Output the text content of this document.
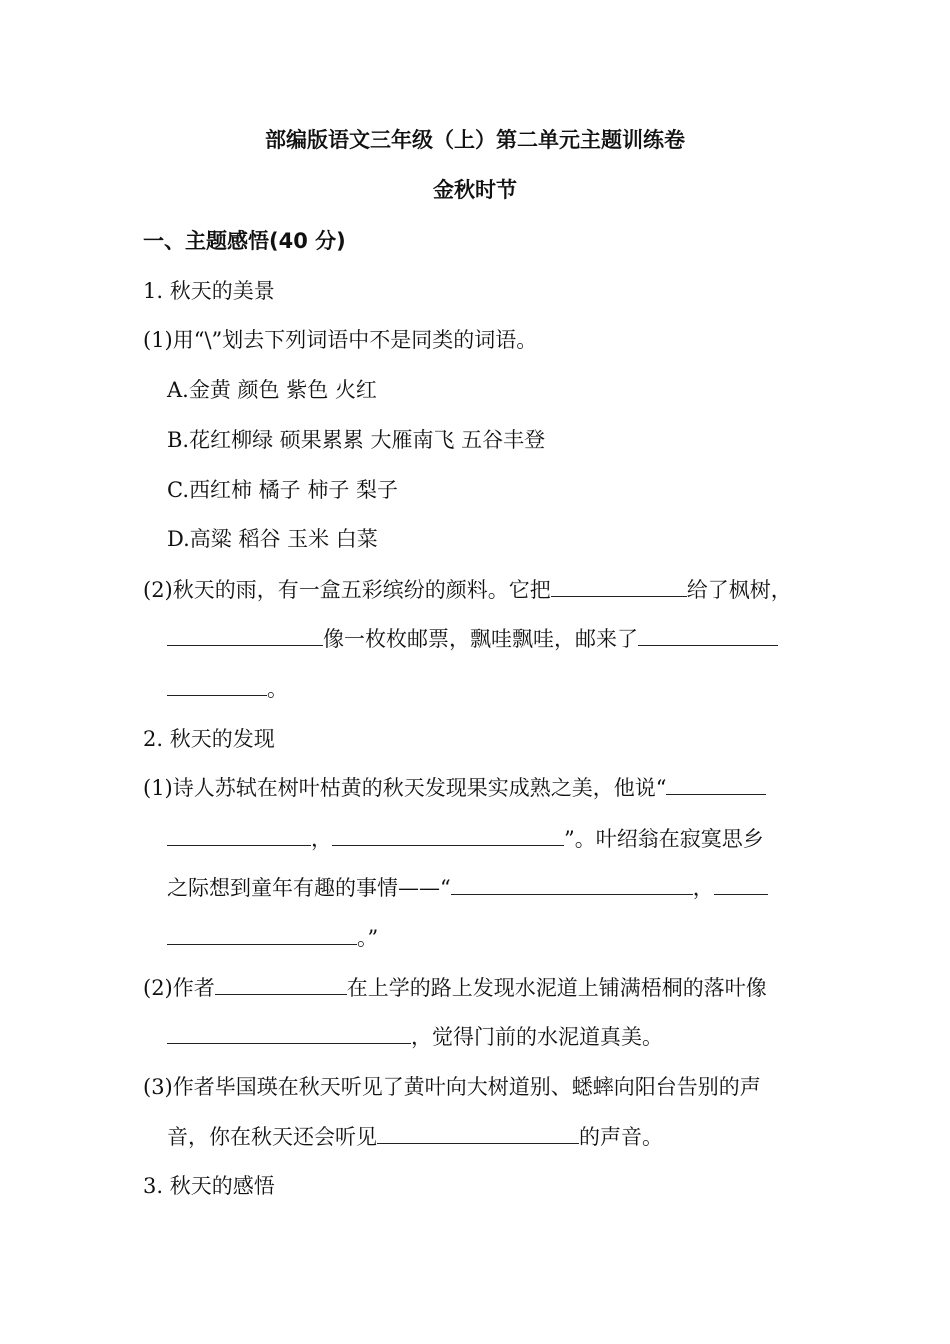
部编版语文三年级（上）第二单元主题训练卷
金秋时节
一、主题感悟(40 分)
1. 秋天的美景
(1)用“\”划去下列词语中不是同类的词语。
A.金黄 颜色 紫色 火红
B.花红柳绿 硕果累累 大雁南飞 五谷丰登
C.西红柿 橘子 柿子 梨子
D.高粱 稻谷 玉米 白菜
(2)秋天的雨，有一盒五彩缤纷的颜料。它把	给了枫树，
像一枚枚邮票，飘哇飘哇，邮来了
。
2. 秋天的发现
(1)诗人苏轼在树叶枯黄的秋天发现果实成熟之美，他说“
，	”。叶绍翁在寂寞思乡
之际想到童年有趣的事情——“	，
。”
(2)作者	在上学的路上发现水泥道上铺满梧桐的落叶像
，觉得门前的水泥道真美。
(3)作者毕国瑛在秋天听见了黄叶向大树道别、蟋蟀向阳台告别的声
音，你在秋天还会听见	的声音。
3. 秋天的感悟
